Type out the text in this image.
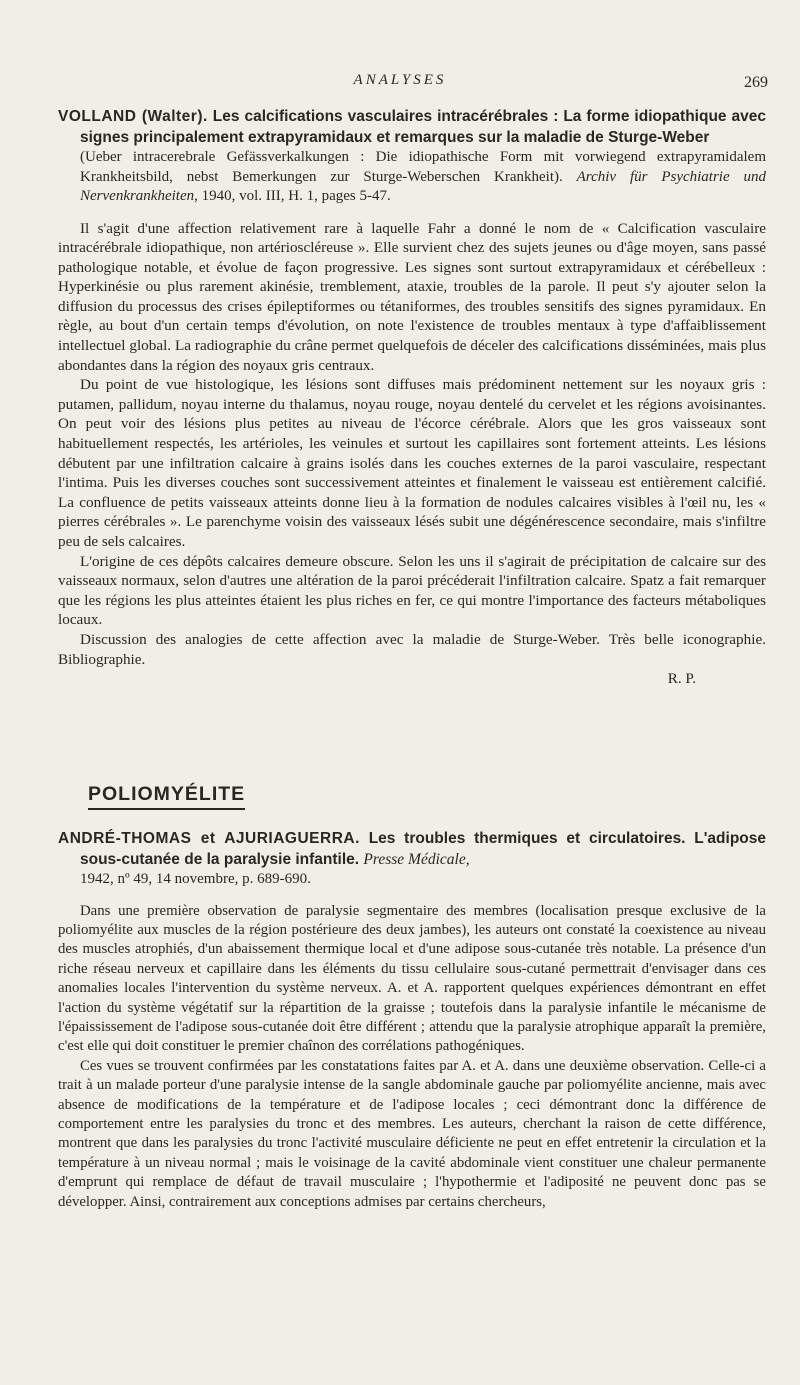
ANALYSES	269

VOLLAND (Walter). Les calcifications vasculaires intracérébrales : La forme idiopathique avec signes principalement extrapyramidaux et remarques sur la maladie de Sturge-Weber

(Ueber intracerebrale Gefässverkalkungen : Die idiopathische Form mit vorwiegend extrapyramidalem Krankheitsbild, nebst Bemerkungen zur Sturge-Weberschen Krankheit). Archiv für Psychiatrie und Nervenkrankheiten, 1940, vol. III, H. 1, pages 5-47.

Il s'agit d'une affection relativement rare à laquelle Fahr a donné le nom de « Calcification vasculaire intracérébrale idiopathique, non artérioscléreuse ». Elle survient chez des sujets jeunes ou d'âge moyen, sans passé pathologique notable, et évolue de façon progressive. Les signes sont surtout extrapyramidaux et cérébelleux : Hyperkinésie ou plus rarement akinésie, tremblement, ataxie, troubles de la parole. Il peut s'y ajouter selon la diffusion du processus des crises épileptiformes ou tétaniformes, des troubles sensitifs des signes pyramidaux. En règle, au bout d'un certain temps d'évolution, on note l'existence de troubles mentaux à type d'affaiblissement intellectuel global. La radiographie du crâne permet quelquefois de déceler des calcifications disséminées, mais plus abondantes dans la région des noyaux gris centraux.

Du point de vue histologique, les lésions sont diffuses mais prédominent nettement sur les noyaux gris : putamen, pallidum, noyau interne du thalamus, noyau rouge, noyau dentelé du cervelet et les régions avoisinantes. On peut voir des lésions plus petites au niveau de l'écorce cérébrale. Alors que les gros vaisseaux sont habituellement respectés, les artérioles, les veinules et surtout les capillaires sont fortement atteints. Les lésions débutent par une infiltration calcaire à grains isolés dans les couches externes de la paroi vasculaire, respectant l'intima. Puis les diverses couches sont successivement atteintes et finalement le vaisseau est entièrement calcifié. La confluence de petits vaisseaux atteints donne lieu à la formation de nodules calcaires visibles à l'œil nu, les « pierres cérébrales ». Le parenchyme voisin des vaisseaux lésés subit une dégénérescence secondaire, mais s'infiltre peu de sels calcaires.

L'origine de ces dépôts calcaires demeure obscure. Selon les uns il s'agirait de précipitation de calcaire sur des vaisseaux normaux, selon d'autres une altération de la paroi précéderait l'infiltration calcaire. Spatz a fait remarquer que les régions les plus atteintes étaient les plus riches en fer, ce qui montre l'importance des facteurs métaboliques locaux.

Discussion des analogies de cette affection avec la maladie de Sturge-Weber. Très belle iconographie. Bibliographie.

R. P.

POLIOMYÉLITE

ANDRÉ-THOMAS et AJURIAGUERRA. Les troubles thermiques et circulatoires. L'adipose sous-cutanée de la paralysie infantile. Presse Médicale,

1942, nº 49, 14 novembre, p. 689-690.

Dans une première observation de paralysie segmentaire des membres (localisation presque exclusive de la poliomyélite aux muscles de la région postérieure des deux jambes), les auteurs ont constaté la coexistence au niveau des muscles atrophiés, d'un abaissement thermique local et d'une adipose sous-cutanée très notable. La présence d'un riche réseau nerveux et capillaire dans les éléments du tissu cellulaire sous-cutané permettrait d'envisager dans ces anomalies locales l'intervention du système nerveux. A. et A. rapportent quelques expériences démontrant en effet l'action du système végétatif sur la répartition de la graisse ; toutefois dans la paralysie infantile le mécanisme de l'épaississement de l'adipose sous-cutanée doit être différent ; attendu que la paralysie atrophique apparaît la première, c'est elle qui doit constituer le premier chaînon des corrélations pathogéniques.

Ces vues se trouvent confirmées par les constatations faites par A. et A. dans une deuxième observation. Celle-ci a trait à un malade porteur d'une paralysie intense de la sangle abdominale gauche par poliomyélite ancienne, mais avec absence de modifications de la température et de l'adipose locales ; ceci démontrant donc la différence de comportement entre les paralysies du tronc et des membres. Les auteurs, cherchant la raison de cette différence, montrent que dans les paralysies du tronc l'activité musculaire déficiente ne peut en effet entretenir la circulation et la température à un niveau normal ; mais le voisinage de la cavité abdominale vient constituer une chaleur permanente d'emprunt qui remplace de défaut de travail musculaire ; l'hypothermie et l'adiposité ne peuvent donc pas se développer. Ainsi, contrairement aux conceptions admises par certains chercheurs,
